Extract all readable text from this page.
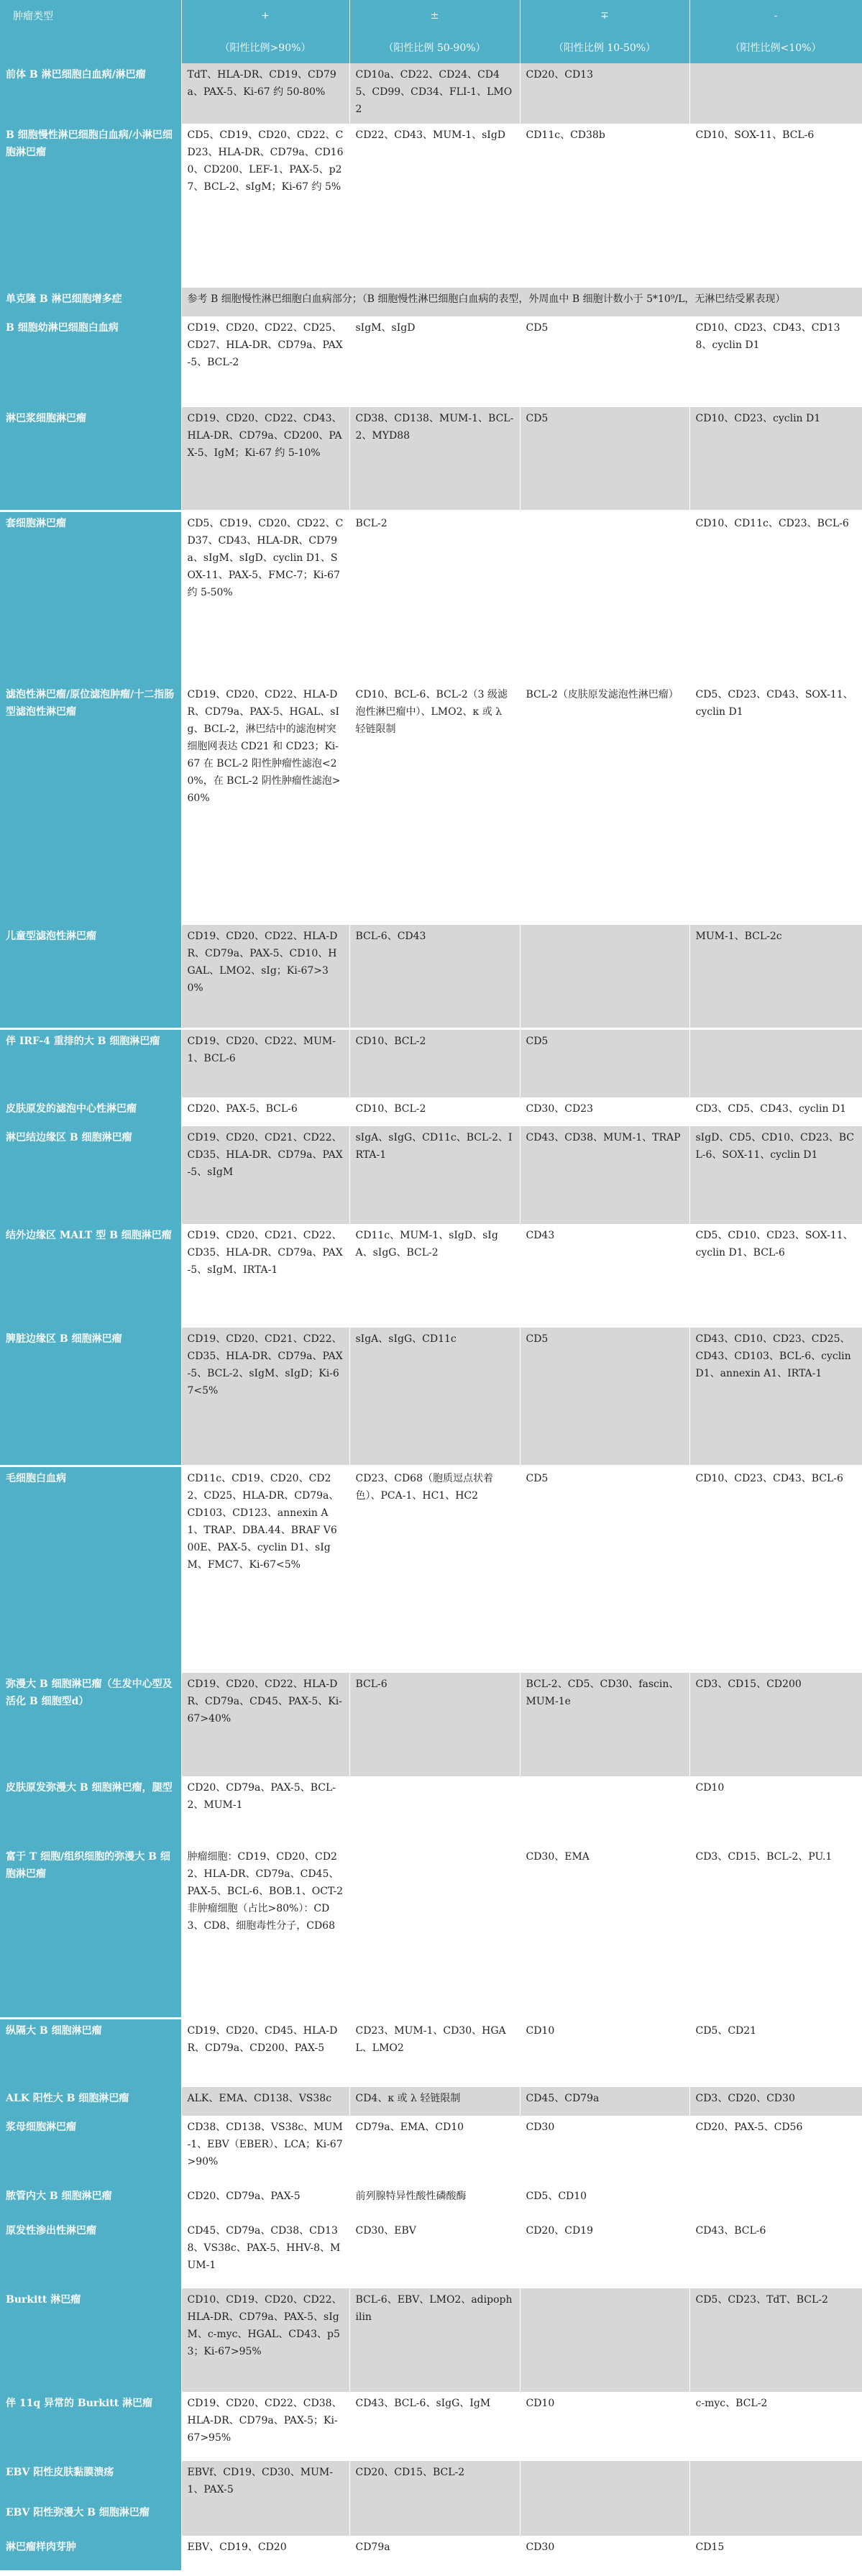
肿瘤类型	+	±	∓	-
	（阳性比例>90%）	（阳性比例 50-90%）	（阳性比例 10-50%）	（阳性比例<10%）
前体 B 淋巴细胞白血病/淋巴瘤	TdT、HLA-DR、CD19、CD79a、PAX-5、Ki-67 约 50-80%	CD10a、CD22、CD24、CD45、CD99、CD34、FLI-1、LMO2	CD20、CD13	

B 细胞慢性淋巴细胞白血病/小淋巴细胞淋巴瘤	CD5、CD19、CD20、CD22、CD23、HLA-DR、CD79a、CD160、CD200、LEF-1、PAX-5、p27、BCL-2、sIgM；Ki-67 约 5%	CD22、CD43、MUM-1、sIgD	CD11c、CD38b	CD10、SOX-11、BCL-6

单克隆 B 淋巴细胞增多症	参考 B 细胞慢性淋巴细胞白血病部分；（B 细胞慢性淋巴细胞白血病的表型，外周血中 B 细胞计数小于 5*10⁹/L，无淋巴结受累表现）			
B 细胞幼淋巴细胞白血病	CD19、CD20、CD22、CD25、CD27、HLA-DR、CD79a、PAX-5、BCL-2	sIgM、sIgD	CD5	CD10、CD23、CD43、CD138、cyclin D1

淋巴浆细胞淋巴瘤	CD19、CD20、CD22、CD43、HLA-DR、CD79a、CD200、PAX-5、IgM；Ki-67 约 5-10%	CD38、CD138、MUM-1、BCL-2、MYD88	CD5	CD10、CD23、cyclin D1

套细胞淋巴瘤	CD5、CD19、CD20、CD22、CD37、CD43、HLA-DR、CD79a、sIgM、sIgD、cyclin D1、SOX-11、PAX-5、FMC-7；Ki-67 约 5-50%	BCL-2		CD10、CD11c、CD23、BCL-6

滤泡性淋巴瘤/原位滤泡肿瘤/十二指肠型滤泡性淋巴瘤	CD19、CD20、CD22、HLA-DR、CD79a、PAX-5、HGAL、sIg、BCL-2，淋巴结中的滤泡树突细胞网表达 CD21 和 CD23；Ki-67 在 BCL-2 阳性肿瘤性滤泡<20%，在 BCL-2 阴性肿瘤性滤泡>60%	CD10、BCL-6、BCL-2（3 级滤泡性淋巴瘤中）、LMO2、κ 或 λ 轻链限制	BCL-2（皮肤原发滤泡性淋巴瘤）	CD5、CD23、CD43、SOX-11、cyclin D1

儿童型滤泡性淋巴瘤	CD19、CD20、CD22、HLA-DR、CD79a、PAX-5、CD10、HGAL、LMO2、sIg；Ki-67>30%	BCL-6、CD43		MUM-1、BCL-2c

伴 IRF-4 重排的大 B 细胞淋巴瘤	CD19、CD20、CD22、MUM-1、BCL-6	CD10、BCL-2	CD5	

皮肤原发的滤泡中心性淋巴瘤	CD20、PAX-5、BCL-6	CD10、BCL-2	CD30、CD23	CD3、CD5、CD43、cyclin D1

淋巴结边缘区 B 细胞淋巴瘤	CD19、CD20、CD21、CD22、CD35、HLA-DR、CD79a、PAX-5、sIgM	sIgA、sIgG、CD11c、BCL-2、IRTA-1	CD43、CD38、MUM-1、TRAP	sIgD、CD5、CD10、CD23、BCL-6、SOX-11、cyclin D1

结外边缘区 MALT 型 B 细胞淋巴瘤	CD19、CD20、CD21、CD22、CD35、HLA-DR、CD79a、PAX-5、sIgM、IRTA-1	CD11c、MUM-1、sIgD、sIgA、sIgG、BCL-2	CD43	CD5、CD10、CD23、SOX-11、cyclin D1、BCL-6

脾脏边缘区 B 细胞淋巴瘤	CD19、CD20、CD21、CD22、CD35、HLA-DR、CD79a、PAX-5、BCL-2、sIgM、sIgD；Ki-67<5%	sIgA、sIgG、CD11c	CD5	CD43、CD10、CD23、CD25、CD43、CD103、BCL-6、cyclin D1、annexin A1、IRTA-1

毛细胞白血病	CD11c、CD19、CD20、CD22、CD25、HLA-DR、CD79a、CD103、CD123、annexin A1、TRAP、DBA.44、BRAF V600E、PAX-5、cyclin D1、sIgM、FMC7、Ki-67<5%	CD23、CD68（胞质逗点状着色）、PCA-1、HC1、HC2	CD5	CD10、CD23、CD43、BCL-6

弥漫大 B 细胞淋巴瘤（生发中心型及活化 B 细胞型d）	CD19、CD20、CD22、HLA-DR、CD79a、CD45、PAX-5、Ki-67>40%	BCL-6	BCL-2、CD5、CD30、fascin、MUM-1e	CD3、CD15、CD200

皮肤原发弥漫大 B 细胞淋巴瘤，腿型	CD20、CD79a、PAX-5、BCL-2、MUM-1			CD10

富于 T 细胞/组织细胞的弥漫大 B 细胞淋巴瘤	肿瘤细胞：CD19、CD20、CD22、HLA-DR、CD79a、CD45、PAX-5、BCL-6、BOB.1、OCT-2
非肿瘤细胞（占比>80%）：CD3、CD8、细胞毒性分子，CD68		CD30、EMA	CD3、CD15、BCL-2、PU.1

纵隔大 B 细胞淋巴瘤	CD19、CD20、CD45、HLA-DR、CD79a、CD200、PAX-5	CD23、MUM-1、CD30、HGAL、LMO2	CD10	CD5、CD21

ALK 阳性大 B 细胞淋巴瘤	ALK、EMA、CD138、VS38c	CD4、κ 或 λ 轻链限制	CD45、CD79a	CD3、CD20、CD30

浆母细胞淋巴瘤	CD38、CD138、VS38c、MUM-1、EBV（EBER）、LCA；Ki-67>90%	CD79a、EMA、CD10	CD30	CD20、PAX-5、CD56

脓管内大 B 细胞淋巴瘤	CD20、CD79a、PAX-5	前列腺特异性酸性磷酸酶	CD5、CD10	

原发性渗出性淋巴瘤	CD45、CD79a、CD38、CD138、VS38c、PAX-5、HHV-8、MUM-1	CD30、EBV	CD20、CD19	CD43、BCL-6

Burkitt 淋巴瘤	CD10、CD19、CD20、CD22、HLA-DR、CD79a、PAX-5、sIgM、c-myc、HGAL、CD43、p53；Ki-67>95%	BCL-6、EBV、LMO2、adipophilin		CD5、CD23、TdT、BCL-2

伴 11q 异常的 Burkitt 淋巴瘤	CD19、CD20、CD22、CD38、HLA-DR、CD79a、PAX-5；Ki-67>95%	CD43、BCL-6、sIgG、IgM	CD10	c-myc、BCL-2

EBV 阳性皮肤黏膜溃疡	EBVf、CD19、CD30、MUM-1、PAX-5	CD20、CD15、BCL-2		

EBV 阳性弥漫大 B 细胞淋巴瘤	

淋巴瘤样肉芽肿	EBV、CD19、CD20	CD79a	CD30	CD15
